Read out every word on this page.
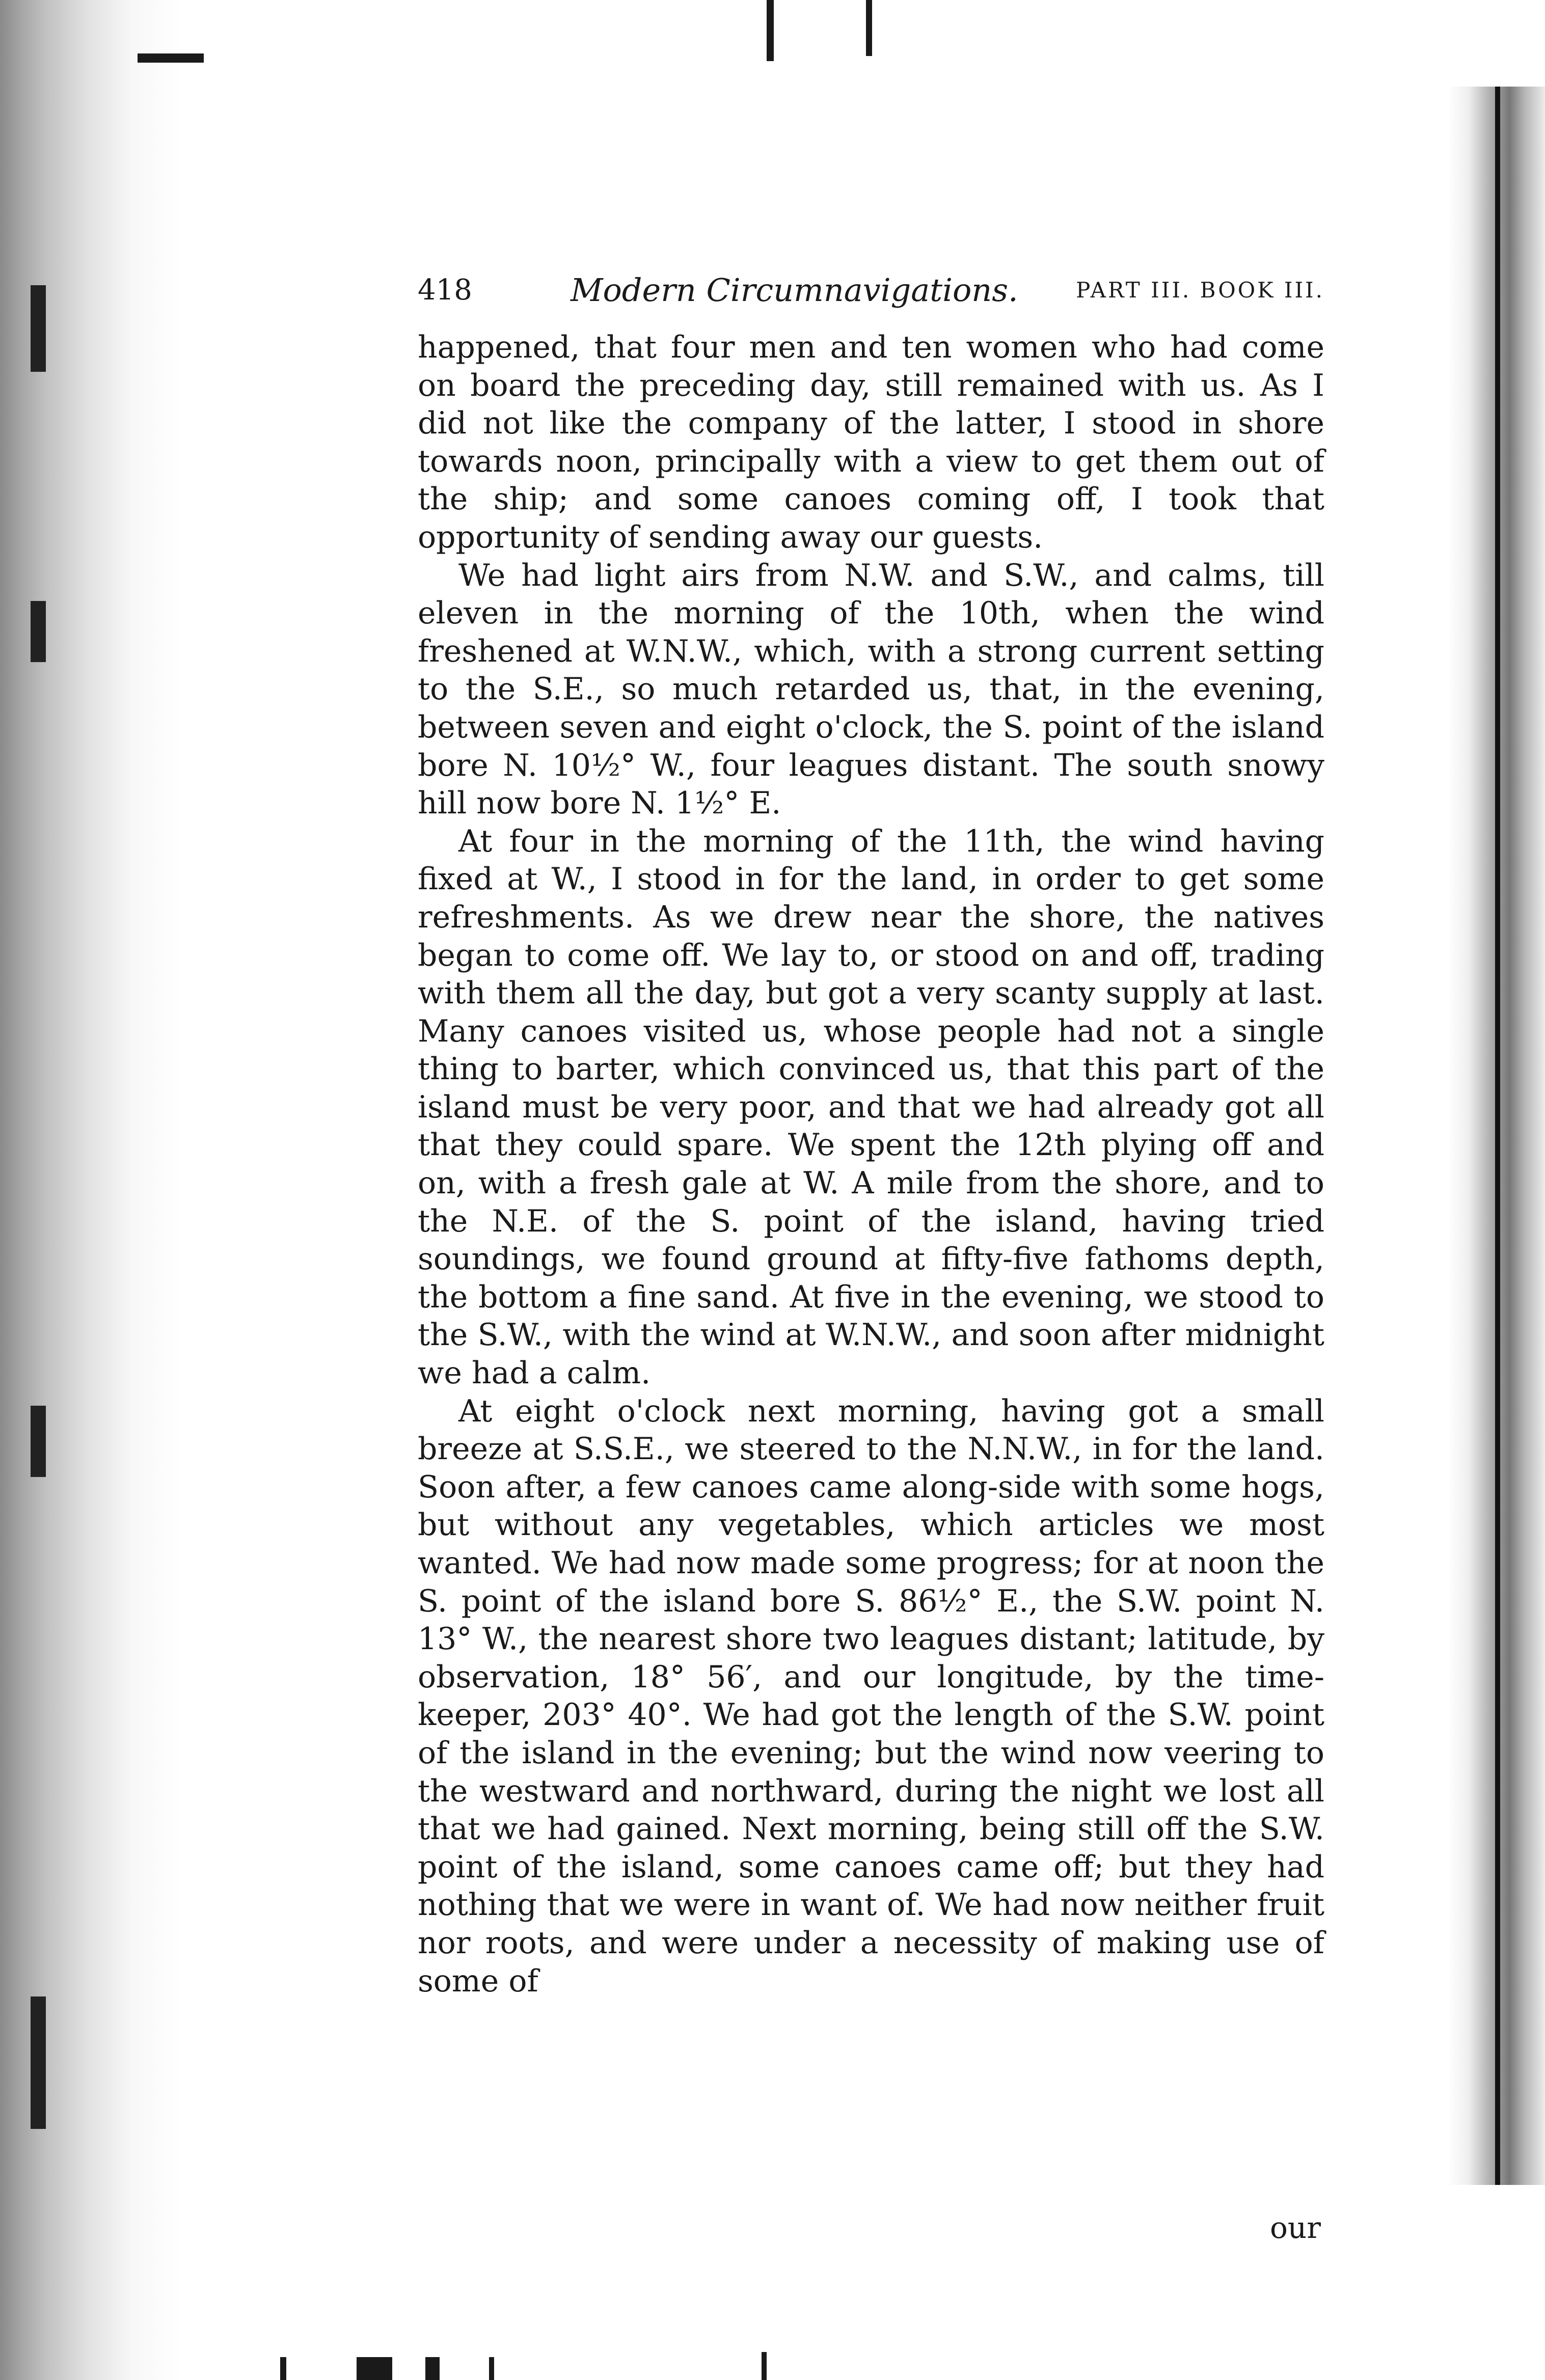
418	Modern Circumnavigations.	PART III. BOOK III.

happened, that four men and ten women who had come on board the preceding day, still remained with us. As I did not like the company of the latter, I stood in shore towards noon, principally with a view to get them out of the ship; and some canoes coming off, I took that opportunity of sending away our guests.

We had light airs from N.W. and S.W., and calms, till eleven in the morning of the 10th, when the wind freshened at W.N.W., which, with a strong current setting to the S.E., so much retarded us, that, in the evening, between seven and eight o'clock, the S. point of the island bore N. 10½° W., four leagues distant. The south snowy hill now bore N. 1½° E.

At four in the morning of the 11th, the wind having fixed at W., I stood in for the land, in order to get some refreshments. As we drew near the shore, the natives began to come off. We lay to, or stood on and off, trading with them all the day, but got a very scanty supply at last. Many canoes visited us, whose people had not a single thing to barter, which convinced us, that this part of the island must be very poor, and that we had already got all that they could spare. We spent the 12th plying off and on, with a fresh gale at W. A mile from the shore, and to the N.E. of the S. point of the island, having tried soundings, we found ground at fifty-five fathoms depth, the bottom a fine sand. At five in the evening, we stood to the S.W., with the wind at W.N.W., and soon after midnight we had a calm.

At eight o'clock next morning, having got a small breeze at S.S.E., we steered to the N.N.W., in for the land. Soon after, a few canoes came along-side with some hogs, but without any vegetables, which articles we most wanted. We had now made some progress; for at noon the S. point of the island bore S. 86½° E., the S.W. point N. 13° W., the nearest shore two leagues distant; latitude, by observation, 18° 56′, and our longitude, by the time-keeper, 203° 40°. We had got the length of the S.W. point of the island in the evening; but the wind now veering to the westward and northward, during the night we lost all that we had gained. Next morning, being still off the S.W. point of the island, some canoes came off; but they had nothing that we were in want of. We had now neither fruit nor roots, and were under a necessity of making use of some of

our
